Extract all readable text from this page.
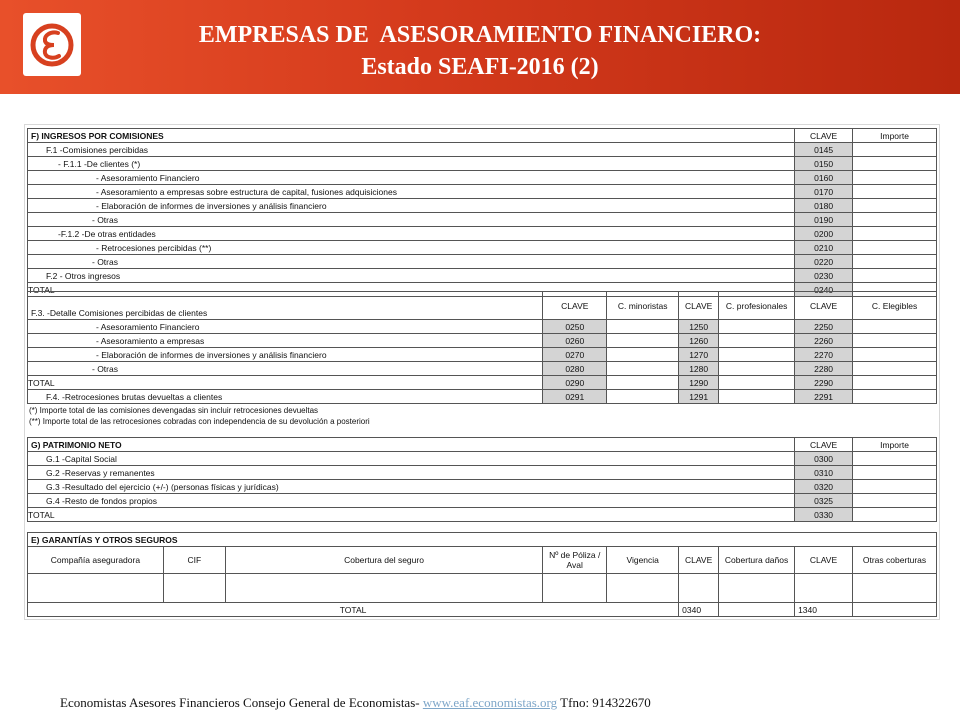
EMPRESAS DE  ASESORAMIENTO FINANCIERO:
Estado SEAFI-2016 (2)
F) INGRESOS POR COMISIONES	CLAVE	Importe
F.1 -Comisiones percibidas	0145	
- F.1.1 -De clientes (*)	0150	
- Asesoramiento Financiero	0160	
- Asesoramiento a empresas sobre estructura de capital, fusiones adquisiciones	0170	
- Elaboración de informes de inversiones y análisis financiero	0180	
- Otras	0190	
-F.1.2 -De otras entidades	0200	
- Retrocesiones percibidas (**)	0210	
- Otras	0220	
F.2 - Otros ingresos	0230	
TOTAL	0240	
F.3. -Detalle Comisiones percibidas de clientes	CLAVE	C. minoristas	CLAVE	C. profesionales	CLAVE	C. Elegibles
- Asesoramiento Financiero	0250		1250		2250	
- Asesoramiento a empresas	0260		1260		2260	
- Elaboración de informes de inversiones y análisis financiero	0270		1270		2270	
- Otras	0280		1280		2280	
TOTAL	0290		1290		2290	
F.4. -Retrocesiones brutas devueltas a clientes	0291		1291		2291	
(*) Importe total de las comisiones devengadas sin incluir retrocesiones devueltas
(**) Importe total de las retrocesiones cobradas con independencia de su devolución a posteriori
G) PATRIMONIO NETO	CLAVE	Importe
G.1 -Capital Social	0300	
G.2 -Reservas y remanentes	0310	
G.3 -Resultado del ejercicio (+/-) (personas físicas y jurídicas)	0320	
G.4 -Resto de fondos propios	0325	
TOTAL	0330	
E) GARANTÍAS Y OTROS SEGUROS								
Compañía aseguradora	CIF	Cobertura del seguro	Nº de Póliza / Aval	Vigencia	CLAVE	Cobertura daños	CLAVE	Otras coberturas

TOTAL					0340		1340	
Economistas Asesores Financieros Consejo General de Economistas- www.eaf.economistas.org Tfno: 914322670
